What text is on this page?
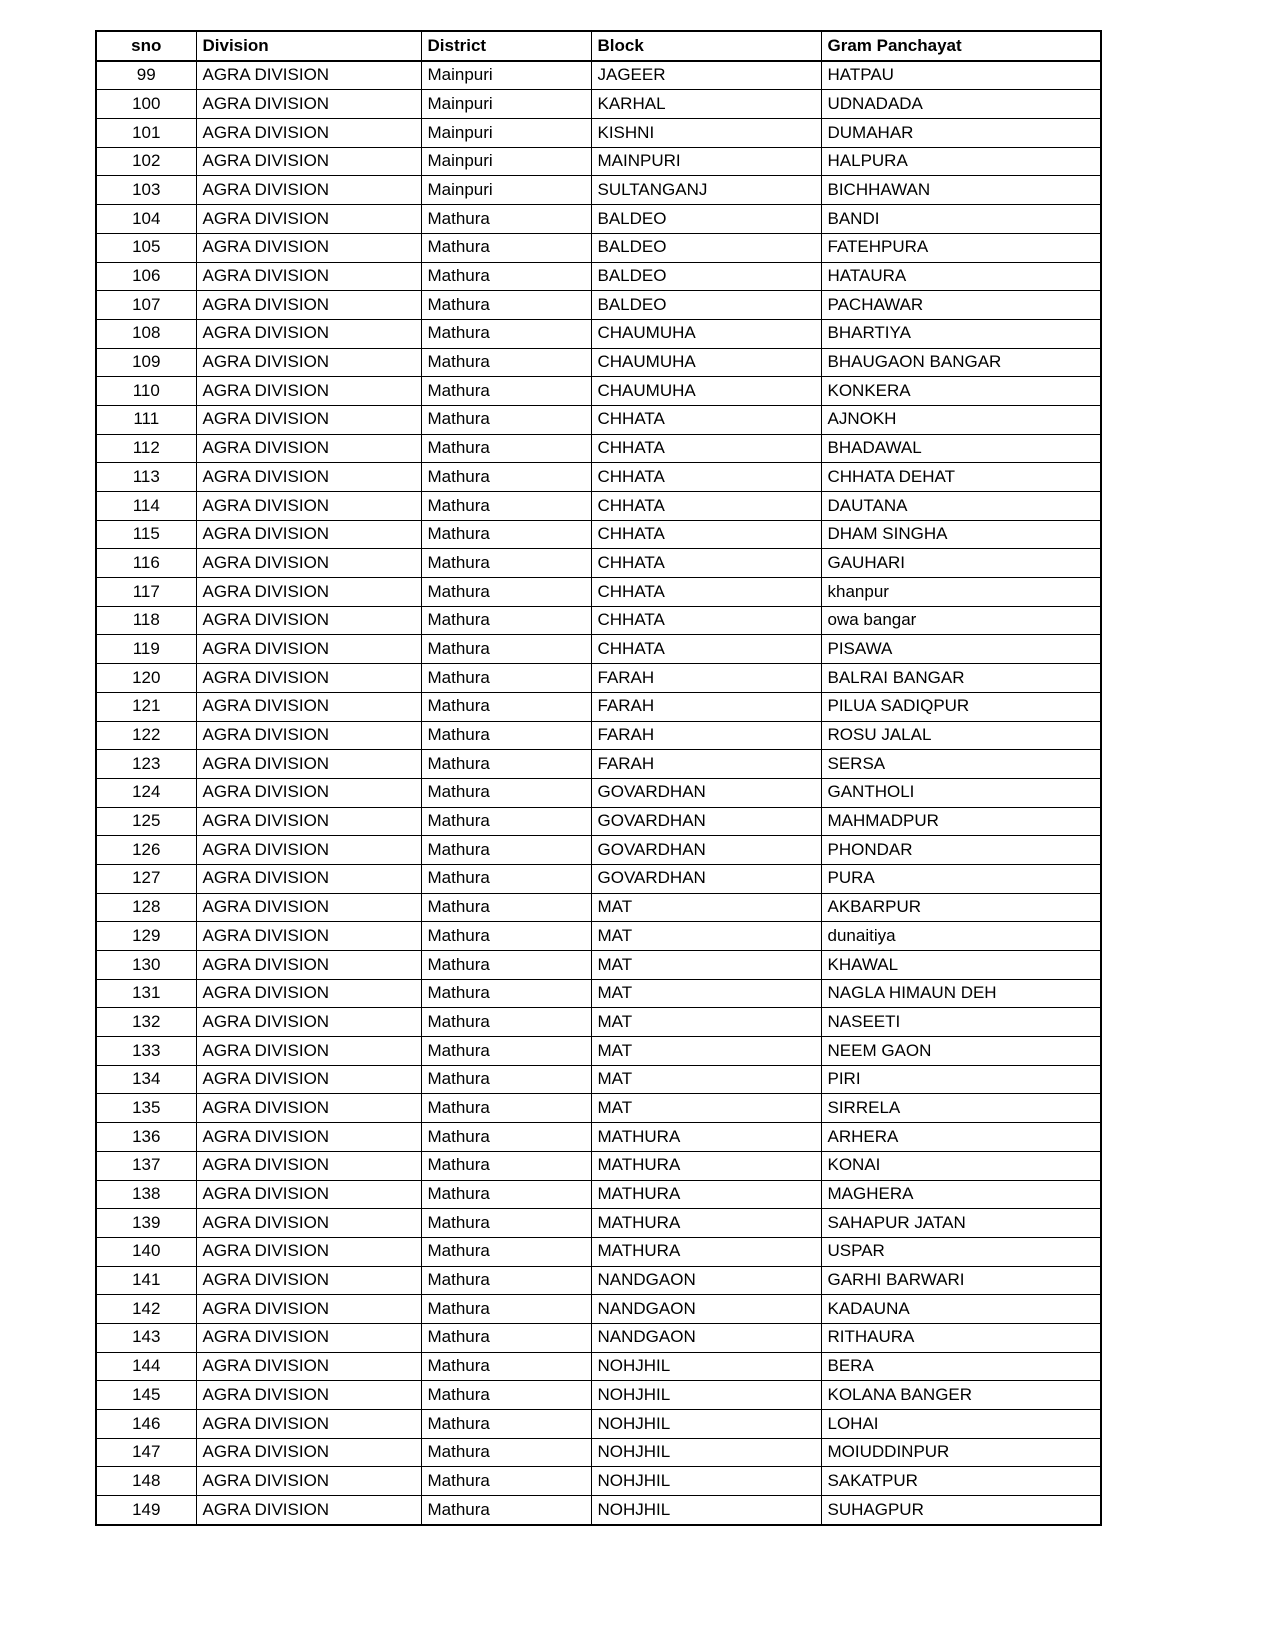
sno	Division	District	Block	Gram Panchayat
99	AGRA DIVISION	Mainpuri	JAGEER	HATPAU
100	AGRA DIVISION	Mainpuri	KARHAL	UDNADADA
101	AGRA DIVISION	Mainpuri	KISHNI	DUMAHAR
102	AGRA DIVISION	Mainpuri	MAINPURI	HALPURA
103	AGRA DIVISION	Mainpuri	SULTANGANJ	BICHHAWAN
104	AGRA DIVISION	Mathura	BALDEO	BANDI
105	AGRA DIVISION	Mathura	BALDEO	FATEHPURA
106	AGRA DIVISION	Mathura	BALDEO	HATAURA
107	AGRA DIVISION	Mathura	BALDEO	PACHAWAR
108	AGRA DIVISION	Mathura	CHAUMUHA	BHARTIYA
109	AGRA DIVISION	Mathura	CHAUMUHA	BHAUGAON BANGAR
110	AGRA DIVISION	Mathura	CHAUMUHA	KONKERA
111	AGRA DIVISION	Mathura	CHHATA	AJNOKH
112	AGRA DIVISION	Mathura	CHHATA	BHADAWAL
113	AGRA DIVISION	Mathura	CHHATA	CHHATA DEHAT
114	AGRA DIVISION	Mathura	CHHATA	DAUTANA
115	AGRA DIVISION	Mathura	CHHATA	DHAM SINGHA
116	AGRA DIVISION	Mathura	CHHATA	GAUHARI
117	AGRA DIVISION	Mathura	CHHATA	khanpur
118	AGRA DIVISION	Mathura	CHHATA	owa bangar
119	AGRA DIVISION	Mathura	CHHATA	PISAWA
120	AGRA DIVISION	Mathura	FARAH	BALRAI BANGAR
121	AGRA DIVISION	Mathura	FARAH	PILUA SADIQPUR
122	AGRA DIVISION	Mathura	FARAH	ROSU JALAL
123	AGRA DIVISION	Mathura	FARAH	SERSA
124	AGRA DIVISION	Mathura	GOVARDHAN	GANTHOLI
125	AGRA DIVISION	Mathura	GOVARDHAN	MAHMADPUR
126	AGRA DIVISION	Mathura	GOVARDHAN	PHONDAR
127	AGRA DIVISION	Mathura	GOVARDHAN	PURA
128	AGRA DIVISION	Mathura	MAT	AKBARPUR
129	AGRA DIVISION	Mathura	MAT	dunaitiya
130	AGRA DIVISION	Mathura	MAT	KHAWAL
131	AGRA DIVISION	Mathura	MAT	NAGLA HIMAUN DEH
132	AGRA DIVISION	Mathura	MAT	NASEETI
133	AGRA DIVISION	Mathura	MAT	NEEM GAON
134	AGRA DIVISION	Mathura	MAT	PIRI
135	AGRA DIVISION	Mathura	MAT	SIRRELA
136	AGRA DIVISION	Mathura	MATHURA	ARHERA
137	AGRA DIVISION	Mathura	MATHURA	KONAI
138	AGRA DIVISION	Mathura	MATHURA	MAGHERA
139	AGRA DIVISION	Mathura	MATHURA	SAHAPUR JATAN
140	AGRA DIVISION	Mathura	MATHURA	USPAR
141	AGRA DIVISION	Mathura	NANDGAON	GARHI BARWARI
142	AGRA DIVISION	Mathura	NANDGAON	KADAUNA
143	AGRA DIVISION	Mathura	NANDGAON	RITHAURA
144	AGRA DIVISION	Mathura	NOHJHIL	BERA
145	AGRA DIVISION	Mathura	NOHJHIL	KOLANA BANGER
146	AGRA DIVISION	Mathura	NOHJHIL	LOHAI
147	AGRA DIVISION	Mathura	NOHJHIL	MOIUDDINPUR
148	AGRA DIVISION	Mathura	NOHJHIL	SAKATPUR
149	AGRA DIVISION	Mathura	NOHJHIL	SUHAGPUR
